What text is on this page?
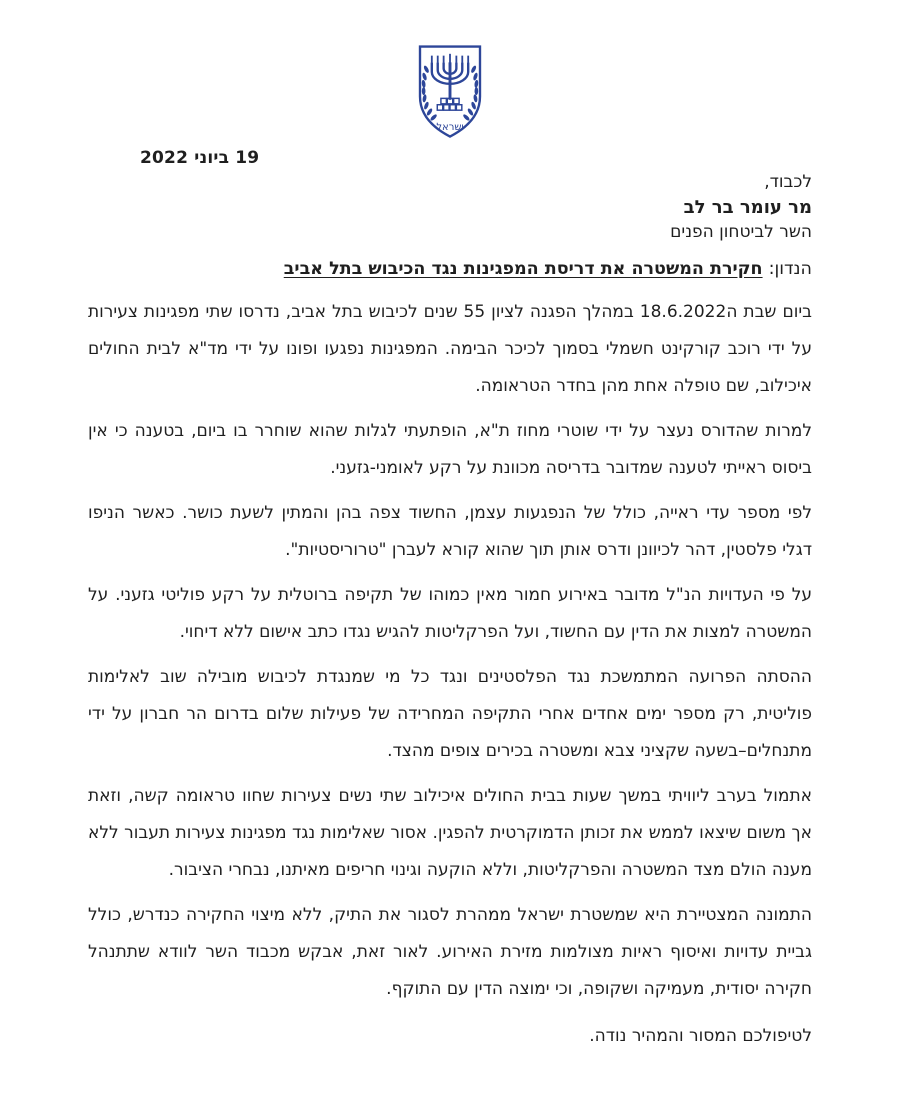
ישראל
19 ביוני 2022
לכבוד,
מר עומר בר לב
השר לביטחון הפנים
הנדון:חקירת המשטרה את דריסת המפגינות נגד הכיבוש בתל אביב

ביום שבת ה18.6.2022 במהלך הפגנה לציון 55 שנים לכיבוש בתל אביב, נדרסו שתי מפגינות צעירות על ידי רוכב קורקינט חשמלי בסמוך לכיכר הבימה. המפגינות נפגעו ופונו על ידי מד"א לבית החולים איכילוב, שם טופלה אחת מהן בחדר הטראומה.

למרות שהדורס נעצר על ידי שוטרי מחוז ת"א, הופתעתי לגלות שהוא שוחרר בו ביום, בטענה כי אין ביסוס ראייתי לטענה שמדובר בדריסה מכוונת על רקע לאומני-גזעני.

לפי מספר עדי ראייה, כולל של הנפגעות עצמן, החשוד צפה בהן והמתין לשעת כושר. כאשר הניפו דגלי פלסטין, דהר לכיוונן ודרס אותן תוך שהוא קורא לעברן "טרוריסטיות".

על פי העדויות הנ"ל מדובר באירוע חמור מאין כמוהו של תקיפה ברוטלית על רקע פוליטי גזעני. על המשטרה למצות את הדין עם החשוד, ועל הפרקליטות להגיש נגדו כתב אישום ללא דיחוי.

ההסתה הפרועה המתמשכת נגד הפלסטינים ונגד כל מי שמנגדת לכיבוש מובילה שוב לאלימות פוליטית, רק מספר ימים אחדים אחרי התקיפה המחרידה של פעילות שלום בדרום הר חברון על ידי מתנחלים–בשעה שקציני צבא ומשטרה בכירים צופים מהצד.

אתמול בערב ליוויתי במשך שעות בבית החולים איכילוב שתי נשים צעירות שחוו טראומה קשה, וזאת אך משום שיצאו לממש את זכותן הדמוקרטית להפגין. אסור שאלימות נגד מפגינות צעירות תעבור ללא מענה הולם מצד המשטרה והפרקליטות, וללא הוקעה וגינוי חריפים מאיתנו, נבחרי הציבור.

התמונה המצטיירת היא שמשטרת ישראל ממהרת לסגור את התיק, ללא מיצוי החקירה כנדרש, כולל גביית עדויות ואיסוף ראיות מצולמות מזירת האירוע. לאור זאת, אבקש מכבוד השר לוודא שתתנהל חקירה יסודית, מעמיקה ושקופה, וכי ימוצה הדין עם התוקף.

לטיפולכם המסור והמהיר נודה.
